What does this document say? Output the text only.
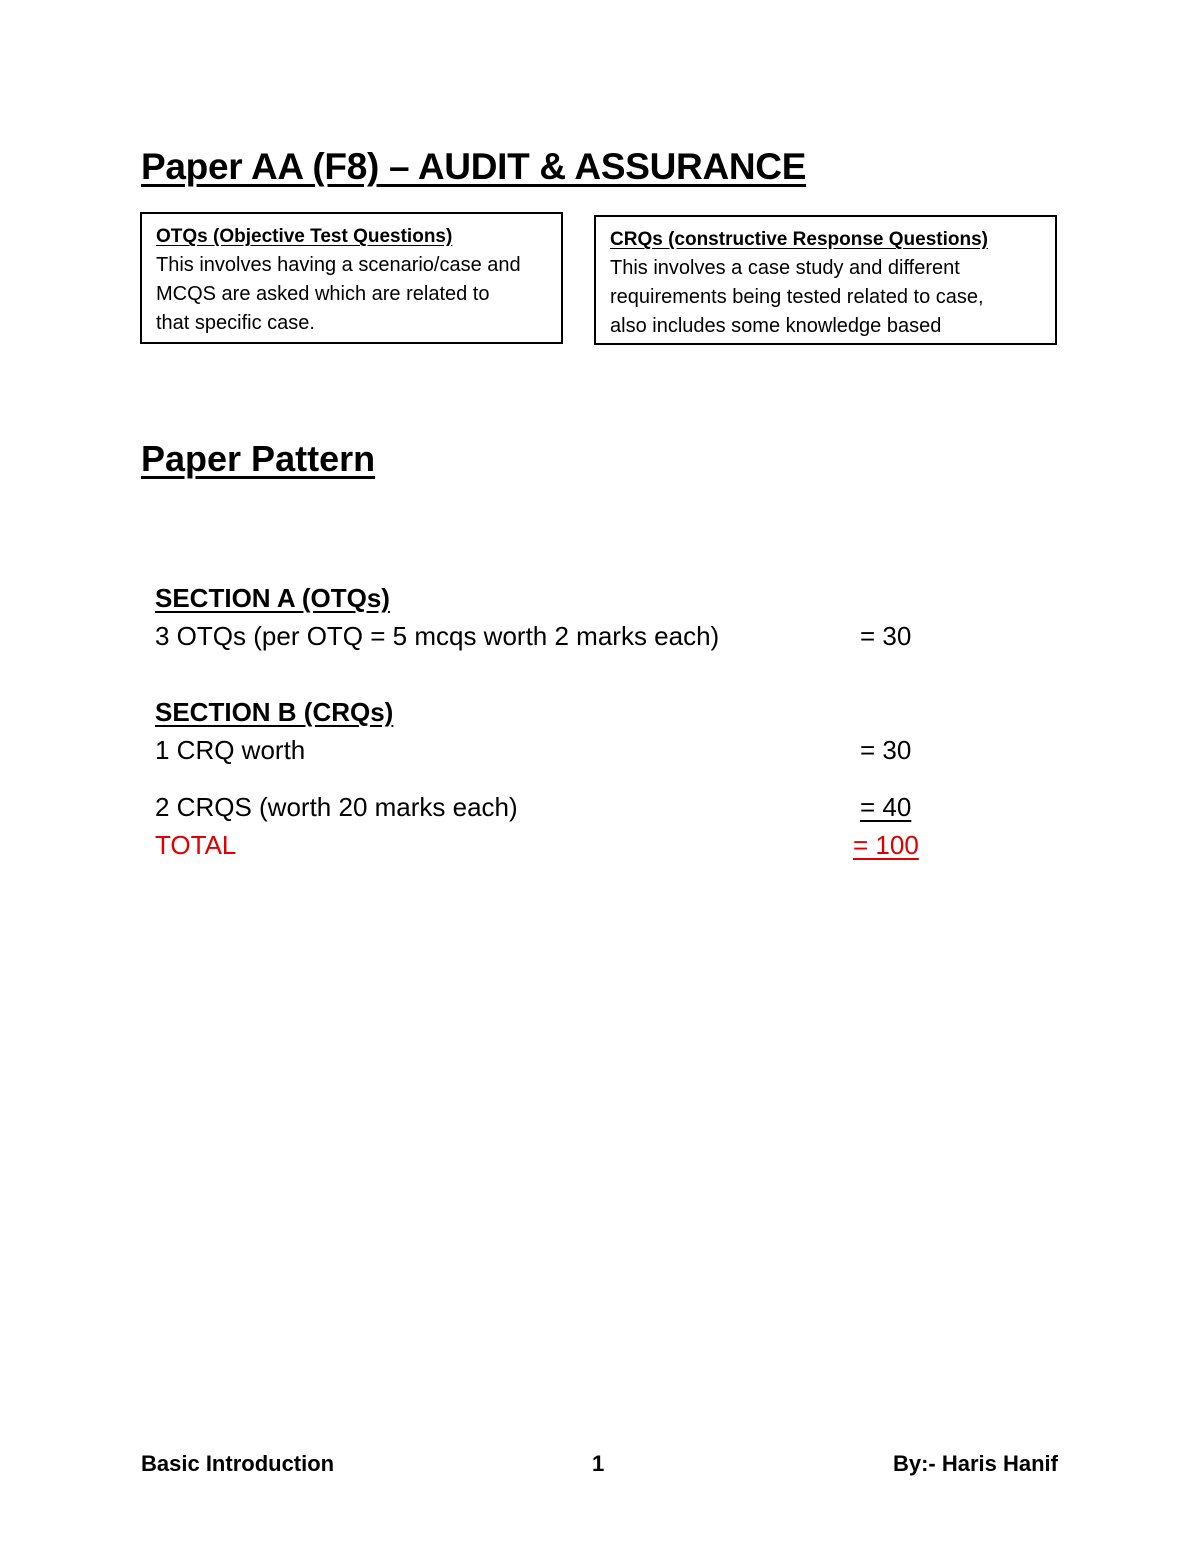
Paper AA (F8) – AUDIT & ASSURANCE
OTQs (Objective Test Questions)
This involves having a scenario/case and
MCQS are asked which are related to
that specific case.
CRQs (constructive Response Questions)
This involves a case study and different
requirements being tested related to case,
also includes some knowledge based
Paper Pattern
SECTION A (OTQs)
3 OTQs (per OTQ = 5 mcqs worth 2 marks each)	= 30
SECTION B (CRQs)
1 CRQ worth	= 30
2 CRQS (worth 20 marks each)	= 40
TOTAL	= 100
Basic Introduction	1	By:- Haris Hanif
